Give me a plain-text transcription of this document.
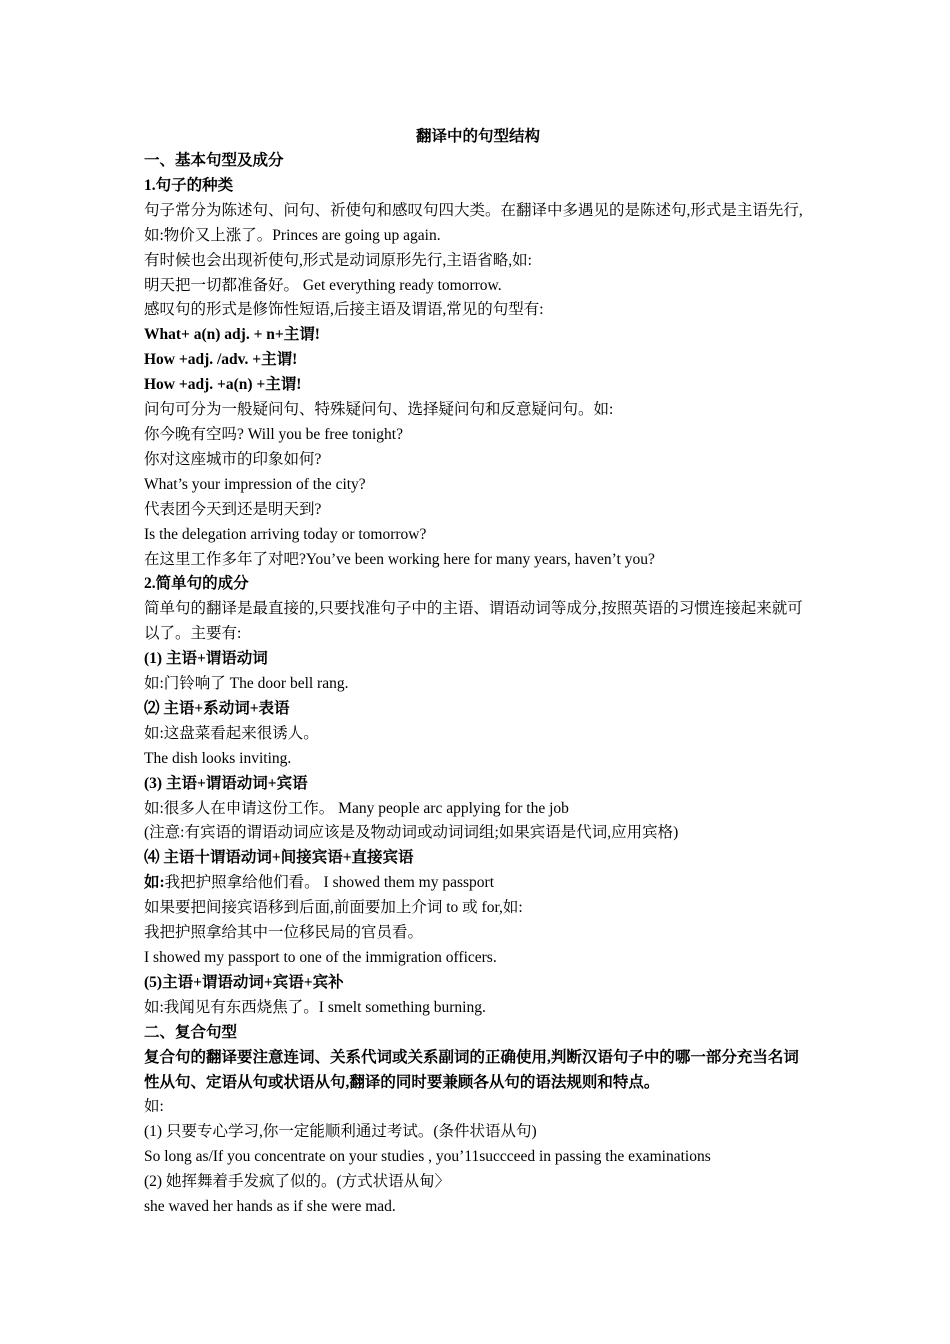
翻译中的句型结构
一、基本句型及成分
1.句子的种类
句子常分为陈述句、问句、祈使句和感叹句四大类。在翻译中多遇见的是陈述句,形式是主语先行,如:物价又上涨了。Princes are going up again.
有时候也会出现祈使句,形式是动词原形先行,主语省略,如:
明天把一切都准备好。 Get everything ready tomorrow.
感叹句的形式是修饰性短语,后接主语及谓语,常见的句型有:
What+ a(n) adj. + n+主谓!
How +adj. /adv. +主谓!
How +adj. +a(n) +主谓!
问句可分为一般疑问句、特殊疑问句、选择疑问句和反意疑问句。如:
你今晚有空吗? Will you be free tonight?
你对这座城市的印象如何?
What’s your impression of the city?
代表团今天到还是明天到?
Is the delegation arriving today or tomorrow?
在这里工作多年了对吧?You’ve been working here for many years, haven’t you?
2.简单句的成分
简单句的翻译是最直接的,只要找准句子中的主语、谓语动词等成分,按照英语的习惯连接起来就可以了。主要有:
(1) 主语+谓语动词
如:门铃响了 The door bell rang.
⑵ 主语+系动词+表语
如:这盘菜看起来很诱人。
The dish looks inviting.
(3) 主语+谓语动词+宾语
如:很多人在申请这份工作。 Many people arc applying for the job
(注意:有宾语的谓语动词应该是及物动词或动词词组;如果宾语是代词,应用宾格)
⑷ 主语十谓语动词+间接宾语+直接宾语
如:我把护照拿给他们看。 I showed them my passport
如果要把间接宾语移到后面,前面要加上介词 to 或 for,如:
我把护照拿给其中一位移民局的官员看。
I showed my passport to one of the immigration officers.
(5)主语+谓语动词+宾语+宾补
如:我闻见有东西烧焦了。I smelt something burning.
二、复合句型
复合句的翻译要注意连词、关系代词或关系副词的正确使用,判断汉语句子中的哪一部分充当名词性从句、定语从句或状语从句,翻译的同时要兼顾各从句的语法规则和特点。
如:
(1) 只要专心学习,你一定能顺利通过考试。(条件状语从句)
So long as/If you concentrate on your studies , you’11succceed in passing the examinations
(2) 她挥舞着手发疯了似的。(方式状语从甸〉
she waved her hands as if she were mad.
